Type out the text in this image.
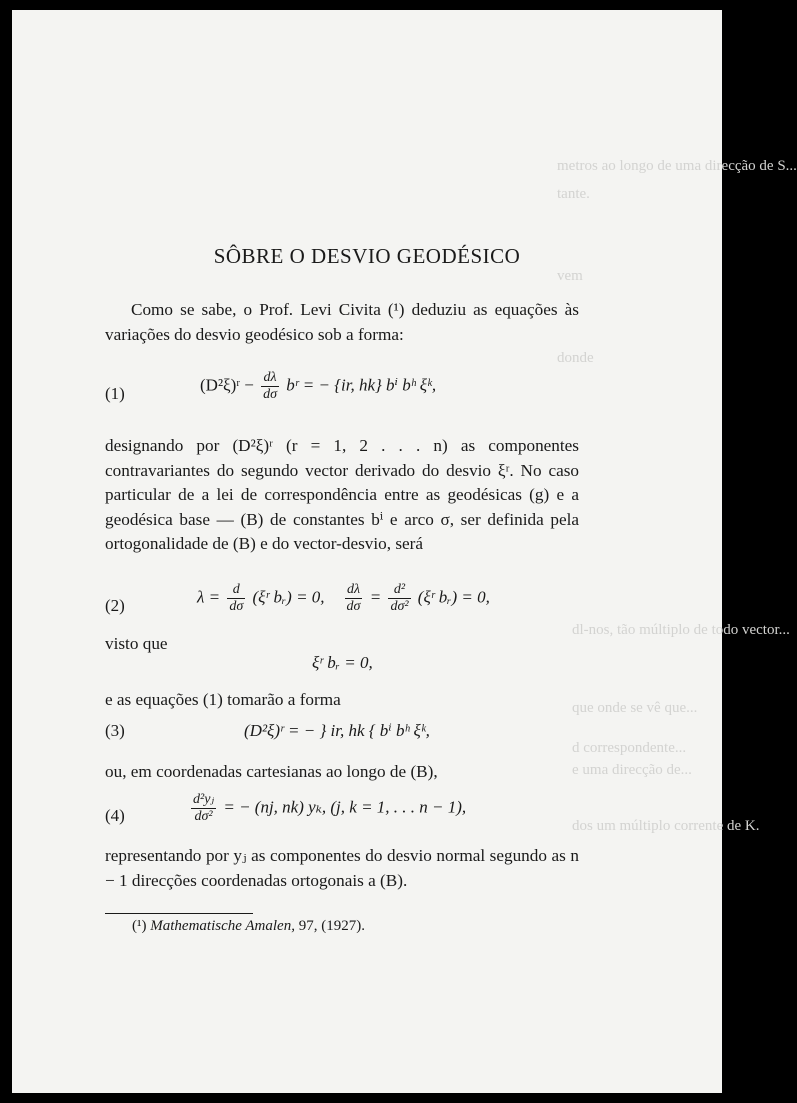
metros ao longo de uma direcção de S...
tante.
vem
donde
dl-nos, tão múltiplo de todo vector...
que onde se vê que...
d correspondente...
e uma direcção de...
dos um múltiplo corrente de K.
SÔBRE O DESVIO GEODÉSICO

Como se sabe, o Prof. Levi Civita (¹) deduziu as equações às variações do desvio geodésico sob a forma:

(1)	(D²ξ)ʳ − $\frac{d\lambda}{d\sigma}$ bʳ = − {ir, hk} bⁱ bʰ ξᵏ,

designando por (D²ξ)ʳ (r = 1, 2 . . . n) as componentes contravariantes do segundo vector derivado do desvio ξʳ. No caso particular de a lei de correspondência entre as geodésicas (g) e a geodésica base — (B) de constantes bⁱ e arco σ, ser definida pela ortogonalidade de (B) e do vector-desvio, será

(2)	$\lambda = \frac{d}{d\sigma}$ (ξʳ bᵣ) = 0, $\frac{d\lambda}{d\sigma} = \frac{\text{d²}}{\text{dσ²}}$ (ξʳ bᵣ) = 0,
visto que
ξʳ bᵣ = 0,
e as equações (1) tomarão a forma
(3)	(D²ξ)ʳ = − } ir, hk { bⁱ bʰ ξᵏ,
ou, em coordenadas cartesianas ao longo de (B),
(4)	$\frac{\text{d²yⱼ}}{\text{dσ²}}$ = − (nj, nk) yₖ, (j, k = 1, . . . n − 1),

representando por yⱼ as componentes do desvio normal segundo as n − 1 direcções coordenadas ortogonais a (B).

(¹) Mathematische Amalen, 97, (1927).
